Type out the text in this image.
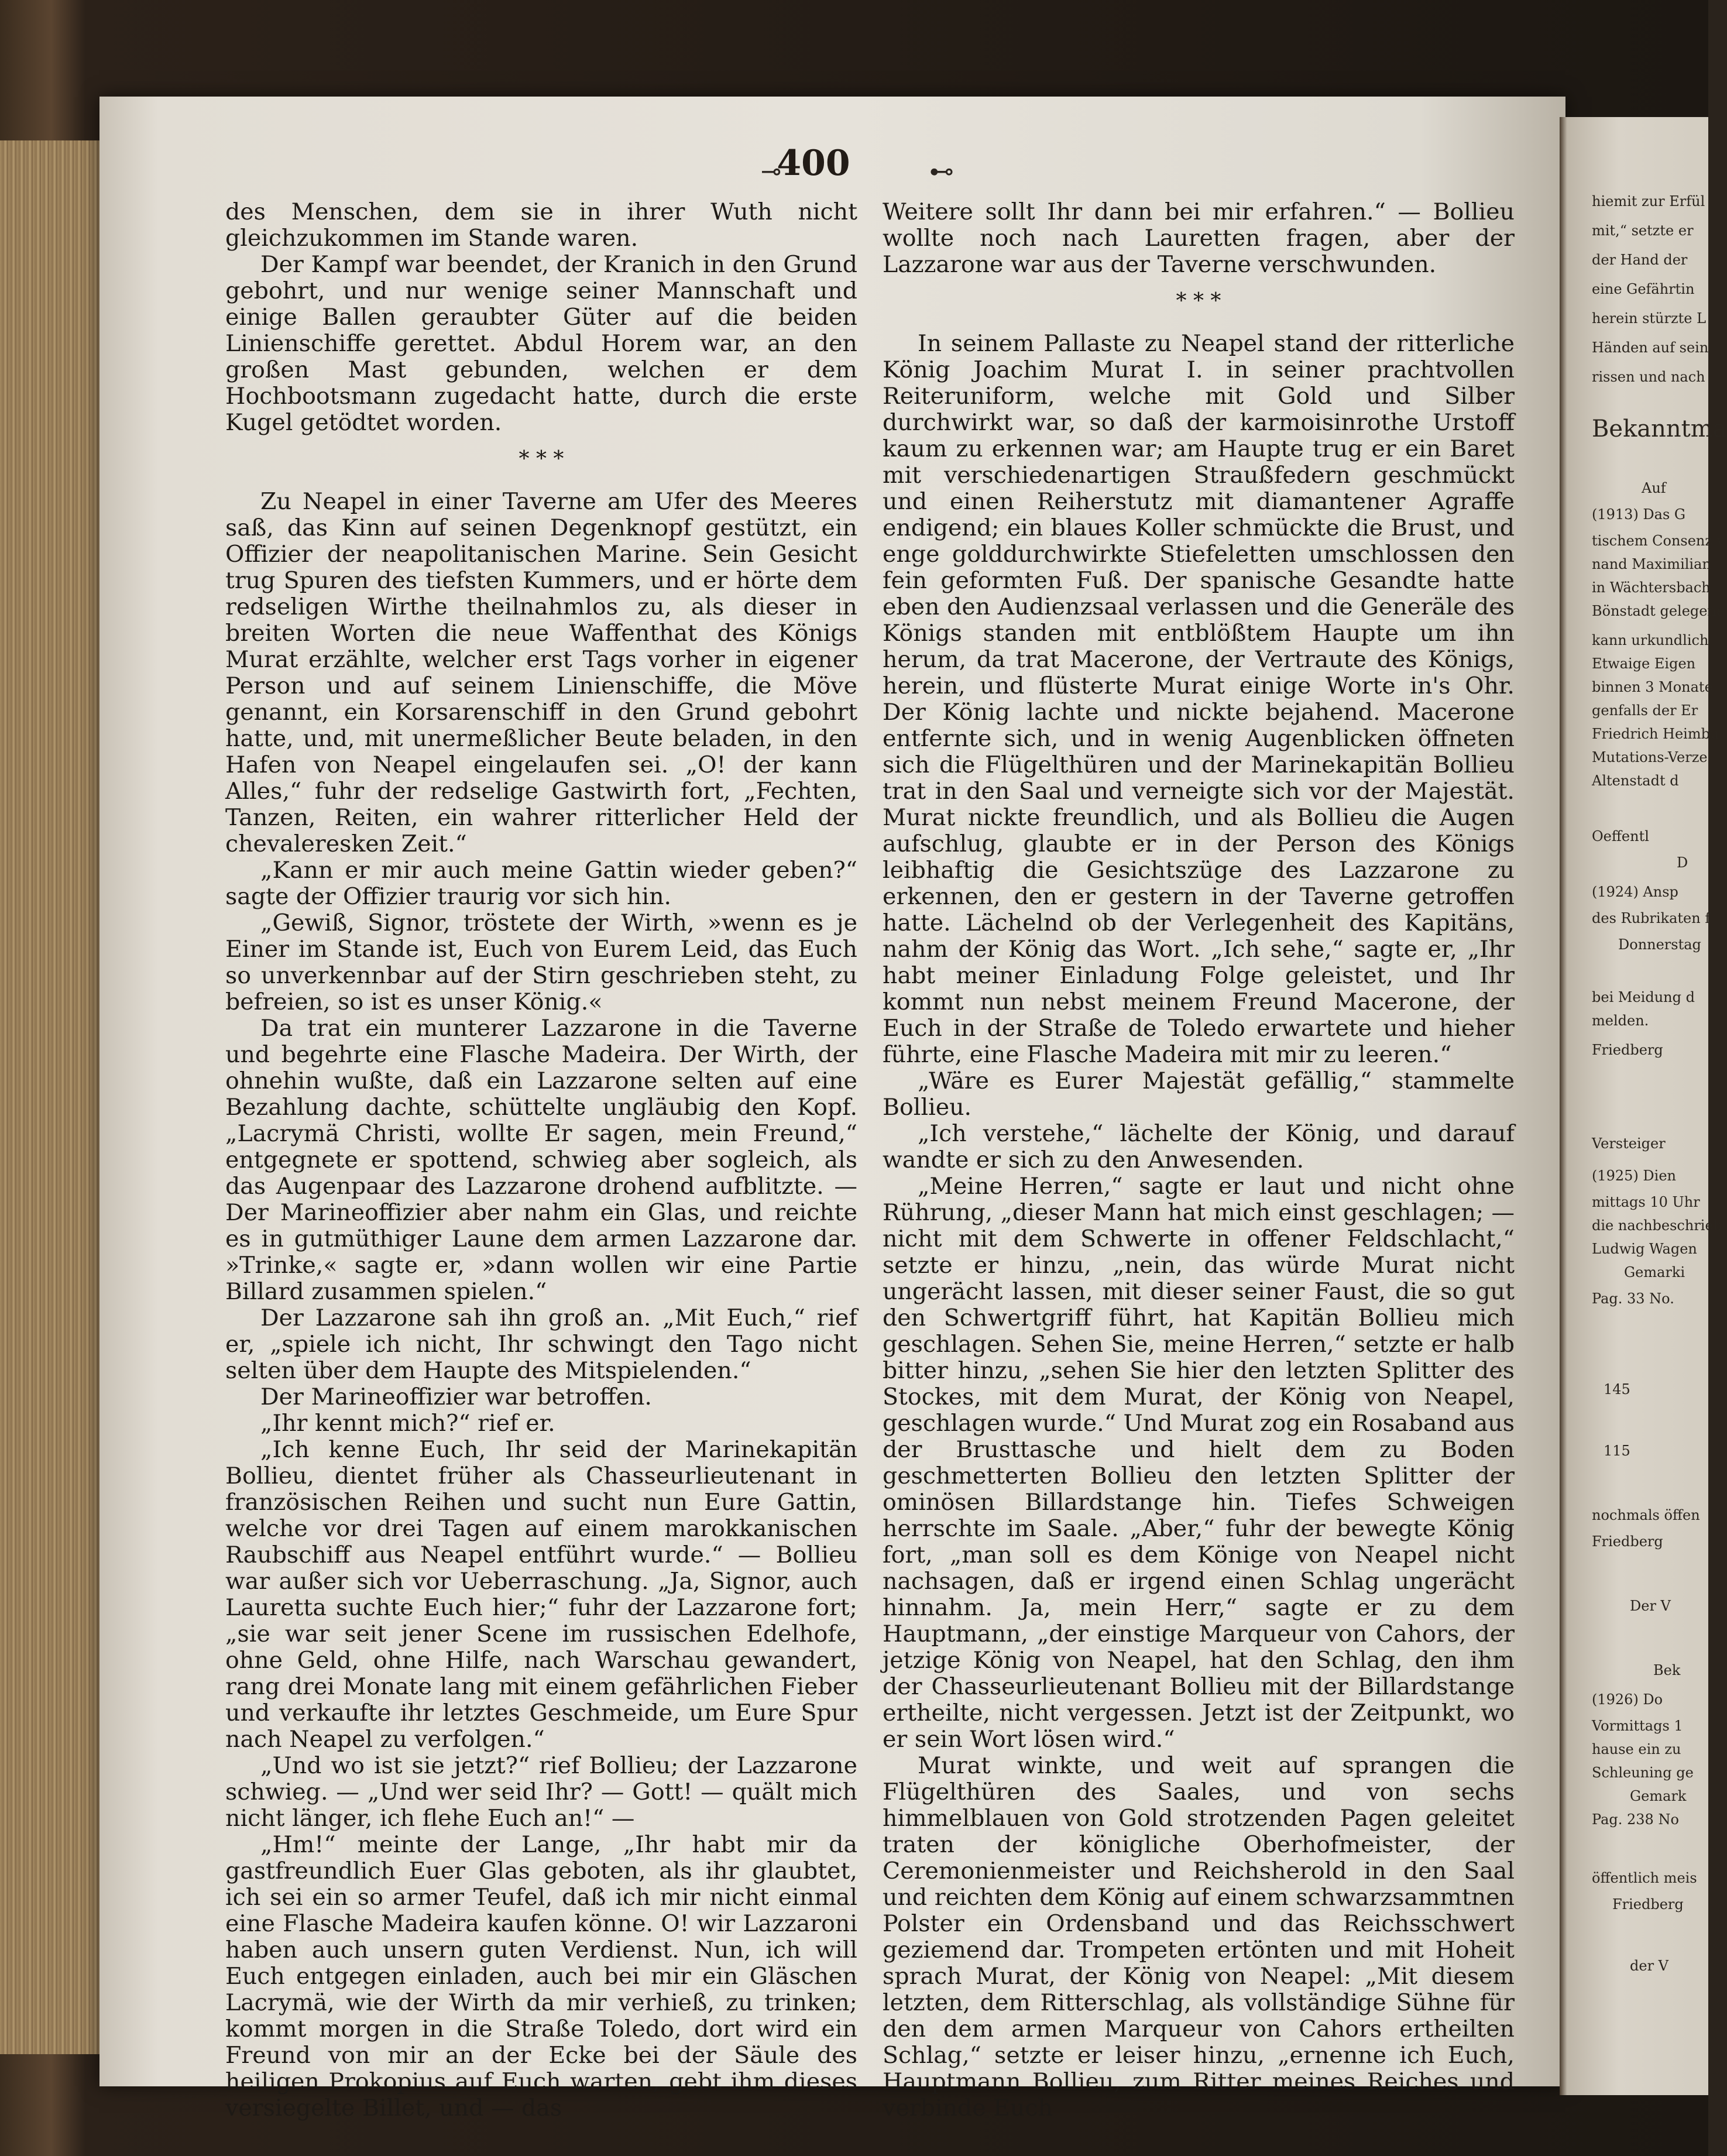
⊸
400	⊷

des Menschen, dem sie in ihrer Wuth nicht gleichzukommen im Stande waren.

Der Kampf war beendet, der Kranich in den Grund gebohrt, und nur wenige seiner Mannschaft und einige Ballen geraubter Güter auf die beiden Linienschiffe gerettet. Abdul Horem war, an den großen Mast gebunden, welchen er dem Hochbootsmann zugedacht hatte, durch die erste Kugel getödtet worden.

* * *

Zu Neapel in einer Taverne am Ufer des Meeres saß, das Kinn auf seinen Degenknopf gestützt, ein Offizier der neapolitanischen Marine. Sein Gesicht trug Spuren des tiefsten Kummers, und er hörte dem redseligen Wirthe theilnahmlos zu, als dieser in breiten Worten die neue Waffenthat des Königs Murat erzählte, welcher erst Tags vorher in eigener Person und auf seinem Linienschiffe, die Möve genannt, ein Korsarenschiff in den Grund gebohrt hatte, und, mit unermeßlicher Beute beladen, in den Hafen von Neapel eingelaufen sei. „O! der kann Alles,“ fuhr der redselige Gastwirth fort, „Fechten, Tanzen, Reiten, ein wahrer ritterlicher Held der chevaleresken Zeit.“

„Kann er mir auch meine Gattin wieder geben?“ sagte der Offizier traurig vor sich hin.

„Gewiß, Signor, tröstete der Wirth, »wenn es je Einer im Stande ist, Euch von Eurem Leid, das Euch so unverkennbar auf der Stirn geschrieben steht, zu befreien, so ist es unser König.«

Da trat ein munterer Lazzarone in die Taverne und begehrte eine Flasche Madeira. Der Wirth, der ohnehin wußte, daß ein Lazzarone selten auf eine Bezahlung dachte, schüttelte ungläubig den Kopf. „Lacrymä Christi, wollte Er sagen, mein Freund,“ entgegnete er spottend, schwieg aber sogleich, als das Augenpaar des Lazzarone drohend aufblitzte. — Der Marineoffizier aber nahm ein Glas, und reichte es in gutmüthiger Laune dem armen Lazzarone dar. »Trinke,« sagte er, »dann wollen wir eine Partie Billard zusammen spielen.“

Der Lazzarone sah ihn groß an. „Mit Euch,“ rief er, „spiele ich nicht, Ihr schwingt den Tago nicht selten über dem Haupte des Mitspielenden.“

Der Marineoffizier war betroffen.

„Ihr kennt mich?“ rief er.

„Ich kenne Euch, Ihr seid der Marinekapitän Bollieu, dientet früher als Chasseurlieutenant in französischen Reihen und sucht nun Eure Gattin, welche vor drei Tagen auf einem marokkanischen Raubschiff aus Neapel entführt wurde.“ — Bollieu war außer sich vor Ueberraschung. „Ja, Signor, auch Lauretta suchte Euch hier;“ fuhr der Lazzarone fort; „sie war seit jener Scene im russischen Edelhofe, ohne Geld, ohne Hilfe, nach Warschau gewandert, rang drei Monate lang mit einem gefährlichen Fieber und verkaufte ihr letztes Geschmeide, um Eure Spur nach Neapel zu verfolgen.“

„Und wo ist sie jetzt?“ rief Bollieu; der Lazzarone schwieg. — „Und wer seid Ihr? — Gott! — quält mich nicht länger, ich flehe Euch an!“ —

„Hm!“ meinte der Lange, „Ihr habt mir da gastfreundlich Euer Glas geboten, als ihr glaubtet, ich sei ein so armer Teufel, daß ich mir nicht einmal eine Flasche Madeira kaufen könne. O! wir Lazzaroni haben auch unsern guten Verdienst. Nun, ich will Euch entgegen einladen, auch bei mir ein Gläschen Lacrymä, wie der Wirth da mir verhieß, zu trinken; kommt morgen in die Straße Toledo, dort wird ein Freund von mir an der Ecke bei der Säule des heiligen Prokopius auf Euch warten, gebt ihm dieses versiegelte Billet, und — das

Weitere sollt Ihr dann bei mir erfahren.“ — Bollieu wollte noch nach Lauretten fragen, aber der Lazzarone war aus der Taverne verschwunden.

* * *

In seinem Pallaste zu Neapel stand der ritterliche König Joachim Murat I. in seiner prachtvollen Reiteruniform, welche mit Gold und Silber durchwirkt war, so daß der karmoisinrothe Urstoff kaum zu erkennen war; am Haupte trug er ein Baret mit verschiedenartigen Straußfedern geschmückt und einen Reiherstutz mit diamantener Agraffe endigend; ein blaues Koller schmückte die Brust, und enge golddurchwirkte Stiefeletten umschlossen den fein geformten Fuß. Der spanische Gesandte hatte eben den Audienzsaal verlassen und die Generäle des Königs standen mit entblößtem Haupte um ihn herum, da trat Macerone, der Vertraute des Königs, herein, und flüsterte Murat einige Worte in's Ohr. Der König lachte und nickte bejahend. Macerone entfernte sich, und in wenig Augenblicken öffneten sich die Flügelthüren und der Marinekapitän Bollieu trat in den Saal und verneigte sich vor der Majestät. Murat nickte freundlich, und als Bollieu die Augen aufschlug, glaubte er in der Person des Königs leibhaftig die Gesichtszüge des Lazzarone zu erkennen, den er gestern in der Taverne getroffen hatte. Lächelnd ob der Verlegenheit des Kapitäns, nahm der König das Wort. „Ich sehe,“ sagte er, „Ihr habt meiner Einladung Folge geleistet, und Ihr kommt nun nebst meinem Freund Macerone, der Euch in der Straße de Toledo erwartete und hieher führte, eine Flasche Madeira mit mir zu leeren.“

„Wäre es Eurer Majestät gefällig,“ stammelte Bollieu.

„Ich verstehe,“ lächelte der König, und darauf wandte er sich zu den Anwesenden.

„Meine Herren,“ sagte er laut und nicht ohne Rührung, „dieser Mann hat mich einst geschlagen; — nicht mit dem Schwerte in offener Feldschlacht,“ setzte er hinzu, „nein, das würde Murat nicht ungerächt lassen, mit dieser seiner Faust, die so gut den Schwertgriff führt, hat Kapitän Bollieu mich geschlagen. Sehen Sie, meine Herren,“ setzte er halb bitter hinzu, „sehen Sie hier den letzten Splitter des Stockes, mit dem Murat, der König von Neapel, geschlagen wurde.“ Und Murat zog ein Rosaband aus der Brusttasche und hielt dem zu Boden geschmetterten Bollieu den letzten Splitter der ominösen Billardstange hin. Tiefes Schweigen herrschte im Saale. „Aber,“ fuhr der bewegte König fort, „man soll es dem Könige von Neapel nicht nachsagen, daß er irgend einen Schlag ungerächt hinnahm. Ja, mein Herr,“ sagte er zu dem Hauptmann, „der einstige Marqueur von Cahors, der jetzige König von Neapel, hat den Schlag, den ihm der Chasseurlieutenant Bollieu mit der Billardstange ertheilte, nicht vergessen. Jetzt ist der Zeitpunkt, wo er sein Wort lösen wird.“

Murat winkte, und weit auf sprangen die Flügelthüren des Saales, und von sechs himmelblauen von Gold strotzenden Pagen geleitet traten der königliche Oberhofmeister, der Ceremonienmeister und Reichsherold in den Saal und reichten dem König auf einem schwarzsammtnen Polster ein Ordensband und das Reichsschwert geziemend dar. Trompeten ertönten und mit Hoheit sprach Murat, der König von Neapel: „Mit diesem letzten, dem Ritterschlag, als vollständige Sühne für den dem armen Marqueur von Cahors ertheilten Schlag,“ setzte er leiser hinzu, „ernenne ich Euch, Hauptmann Bollieu, zum Ritter meines Reiches und verbinde Euch

hiemit zur Erfül
mit,“ setzte er
der Hand der
eine Gefährtin
herein stürzte L
Händen auf sein
rissen und nach
Bekanntma
Auf
(1913) Das G
tischem Consenz v
nand Maximilian
in Wächtersbach
Bönstadt gelegene
kann urkundlich
Etwaige Eigen
binnen 3 Monate
genfalls der Er
Friedrich Heimbu
Mutations-Verze
Altenstadt d
Oeffentl
D
(1924) Ansp
des Rubrikaten f
Donnerstag
bei Meidung d
melden.
Friedberg
Versteiger
(1925) Dien
mittags 10 Uhr
die nachbeschrieb
Ludwig Wagen
Gemarki
Pag. 33 No.
145
115
nochmals öffen
Friedberg
Der V
Bek
(1926) Do
Vormittags 1
hause ein zu
Schleuning ge
Gemark
Pag. 238 No
öffentlich meis
Friedberg
der V
